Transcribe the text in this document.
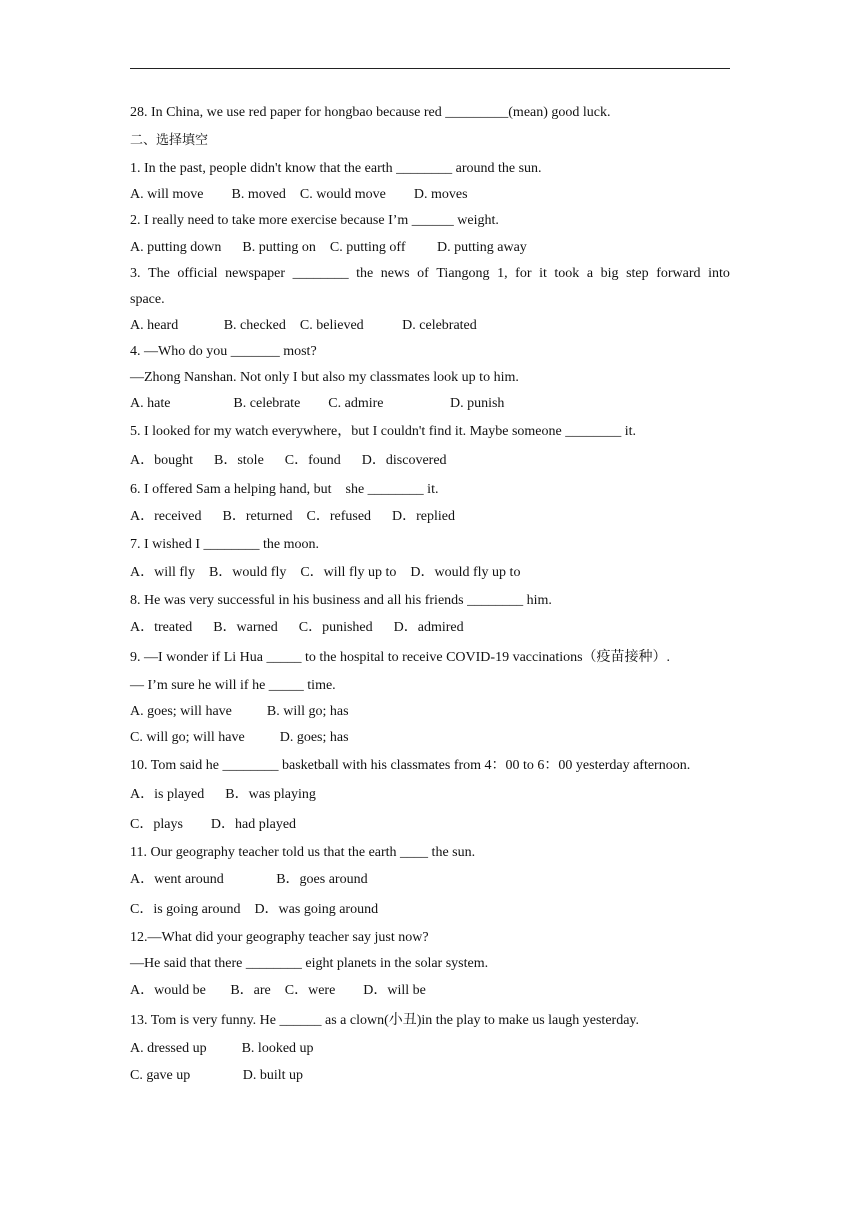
28. In China, we use red paper for hongbao because red _________(mean) good luck.
二、选择填空
1. In the past, people didn't know that the earth ________ around the sun.
A. will move        B. moved    C. would move        D. moves
2. I really need to take more exercise because I’m ______ weight.
A. putting down      B. putting on    C. putting off         D. putting away
3. The official newspaper ________ the news of Tiangong 1, for it took a big step forward into
space.
A. heard             B. checked    C. believed           D. celebrated
4. —Who do you _______ most?
—Zhong Nanshan. Not only I but also my classmates look up to him.
A. hate                  B. celebrate        C. admire                   D. punish
5. I looked for my watch everywhere，but I couldn't find it. Maybe someone ________ it.
A．bought      B．stole      C．found      D．discovered
6. I offered Sam a helping hand, but    she ________ it.
A．received      B．returned    C．refused      D．replied
7. I wished I ________ the moon.
A．will fly    B．would fly    C．will fly up to    D．would fly up to
8. He was very successful in his business and all his friends ________ him.
A．treated      B．warned      C．punished      D．admired
9. —I wonder if Li Hua _____ to the hospital to receive COVID-19 vaccinations（疫苗接种）.
— I’m sure he will if he _____ time.
A. goes; will have          B. will go; has
C. will go; will have          D. goes; has
10. Tom said he ________ basketball with his classmates from 4：00 to 6：00 yesterday afternoon.
A．is played      B．was playing
C．plays        D．had played
11. Our geography teacher told us that the earth ____ the sun.
A．went around               B．goes around
C．is going around    D．was going around
12.—What did your geography teacher say just now?
—He said that there ________ eight planets in the solar system.
A．would be       B．are    C．were        D．will be
13. Tom is very funny. He ______ as a clown(小丑)in the play to make us laugh yesterday.
A. dressed up          B. looked up
C. gave up               D. built up
